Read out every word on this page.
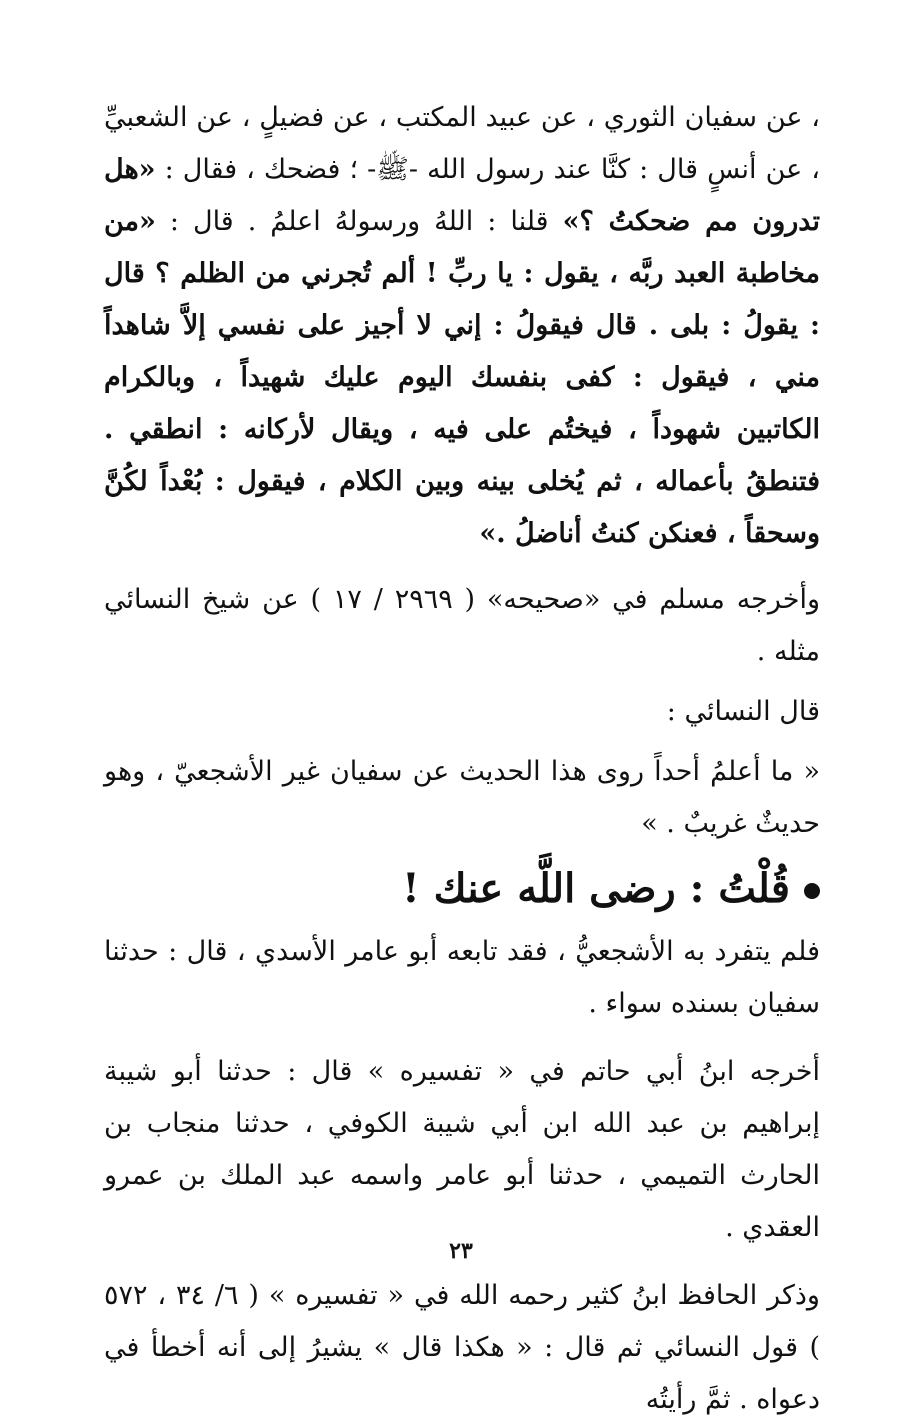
، عن سفيان الثوري ، عن عبيد المكتب ، عن فضيلٍ ، عن الشعبيِّ ، عن أنسٍ قال : كنَّا عند رسول الله -ﷺ- ؛ فضحك ، فقال : «هل تدرون مم ضحكتُ ؟» قلنا : اللهُ ورسولهُ اعلمُ . قال : «من مخاطبة العبد ربَّه ، يقول : يا ربِّ ! ألم تُجرني من الظلم ؟ قال : يقولُ : بلى . قال فيقولُ : إني لا أجيز على نفسي إلاَّ شاهداً مني ، فيقول : كفى بنفسك اليوم عليك شهيداً ، وبالكرام الكاتبين شهوداً ، فيختُم على فيه ، ويقال لأركانه : انطقي . فتنطقُ بأعماله ، ثم يُخلى بينه وبين الكلام ، فيقول : بُعْداً لكُنَّ وسحقاً ، فعنكن كنتُ أناضلُ .»

وأخرجه مسلم في «صحيحه» ( ٢٩٦٩ / ١٧ ) عن شيخ النسائي مثله .

قال النسائي :

« ما أعلمُ أحداً روى هذا الحديث عن سفيان غير الأشجعيّ ، وهو حديثٌ غريبٌ . »

قُلْتُ : رضى اللَّه عنك !

فلم يتفرد به الأشجعيُّ ، فقد تابعه أبو عامر الأسدي ، قال : حدثنا سفيان بسنده سواء .

أخرجه ابنُ أبي حاتم في « تفسيره » قال : حدثنا أبو شيبة إبراهيم بن عبد الله ابن أبي شيبة الكوفي ، حدثنا منجاب بن الحارث التميمي ، حدثنا أبو عامر واسمه عبد الملك بن عمرو العقدي .

وذكر الحافظ ابنُ كثير رحمه الله في « تفسيره » ( ٦/ ٣٤ ، ٥٧٢ ) قول النسائي ثم قال : « هكذا قال » يشيرُ إلى أنه أخطأ في دعواه . ثمَّ رأيتُه

٢٣
